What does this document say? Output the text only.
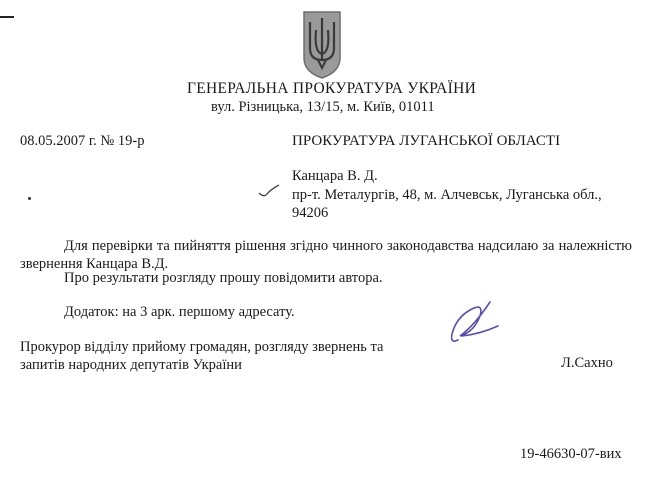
ГЕНЕРАЛЬНА ПРОКУРАТУРА УКРАЇНИ
вул. Різницька, 13/15, м. Київ, 01011
08.05.2007 г. № 19-р	ПРОКУРАТУРА ЛУГАНСЬКОЇ ОБЛАСТІ
Канцара В. Д.
пр-т. Металургів, 48, м. Алчевськ, Луганська обл.,
94206
Для перевірки та пийняття рішення згідно чинного законодавства надсилаю за належністю звернення Канцара В.Д.
Про результати розгляду прошу повідомити автора.
Додаток: на 3 арк. першому адресату.
Прокурор відділу прийому громадян, розгляду звернень та запитів народних депутатів України	Л.Сахно
19-46630-07-вих
